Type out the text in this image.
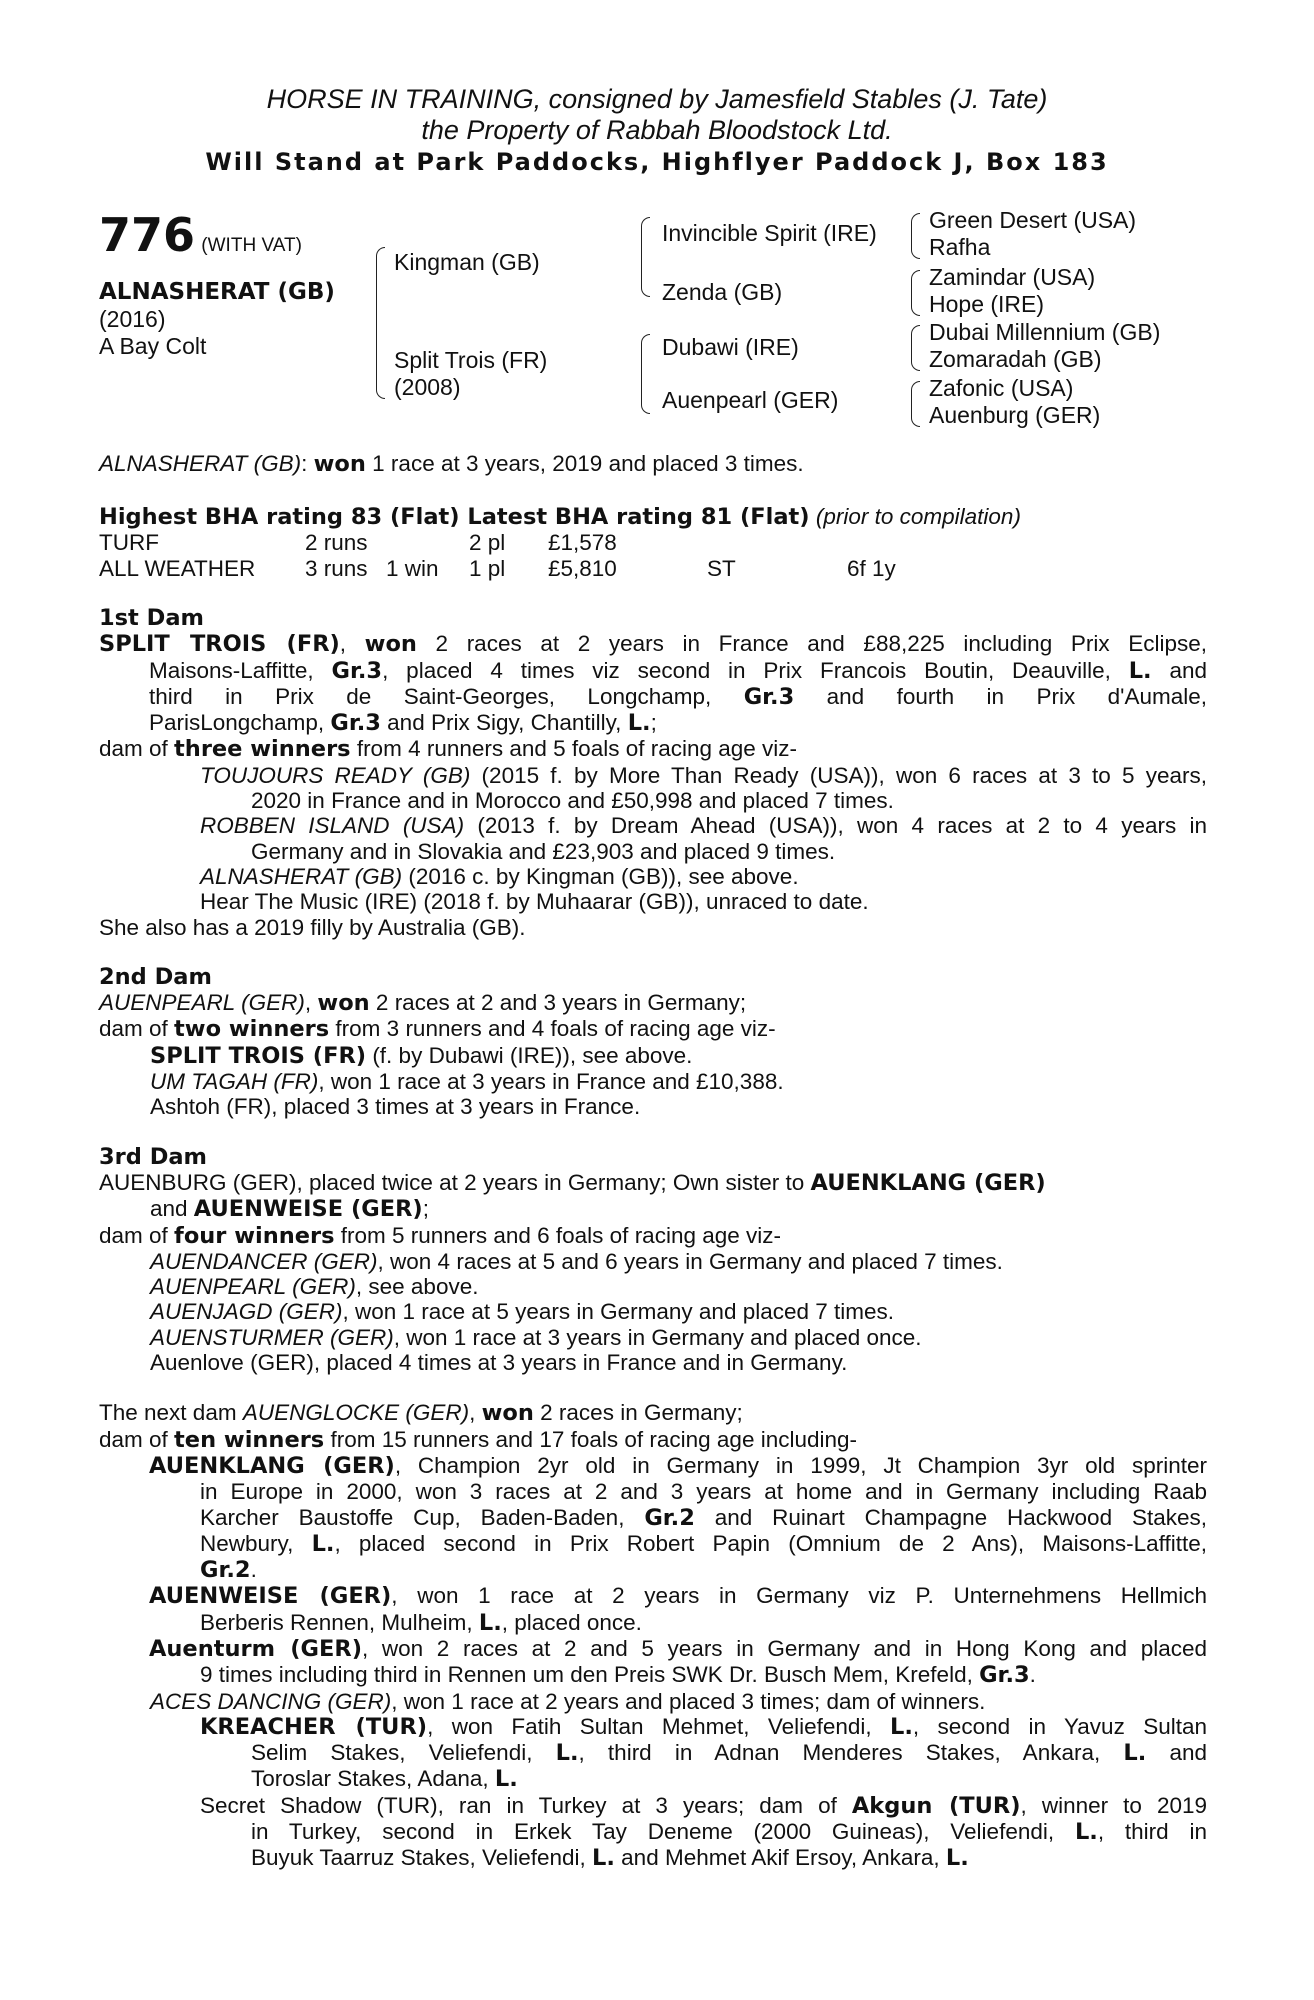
HORSE IN TRAINING, consigned by Jamesfield Stables (J. Tate)
the Property of Rabbah Bloodstock Ltd.
Will Stand at Park Paddocks, Highflyer Paddock J, Box 183
776 (WITH VAT)
ALNASHERAT (GB)
(2016)
A Bay Colt
Kingman (GB)
Split Trois (FR)
(2008)
Invincible Spirit (IRE)
Zenda (GB)
Dubawi (IRE)
Auenpearl (GER)
Green Desert (USA)
Rafha
Zamindar (USA)
Hope (IRE)
Dubai Millennium (GB)
Zomaradah (GB)
Zafonic (USA)
Auenburg (GER)
ALNASHERAT (GB): won 1 race at 3 years, 2019 and placed 3 times.
Highest BHA rating 83 (Flat) Latest BHA rating 81 (Flat) (prior to compilation)
TURF	2 runs	2 pl £1,578
ALL WEATHER 3 runs 1 win 1 pl £5,810	ST	6f 1y

1st Dam

SPLIT TROIS (FR), won 2 races at 2 years in France and £88,225 including Prix Eclipse,

Maisons-Laffitte, Gr.3, placed 4 times viz second in Prix Francois Boutin, Deauville, L. and

third in Prix de Saint-Georges, Longchamp, Gr.3 and fourth in Prix d'Aumale,

ParisLongchamp, Gr.3 and Prix Sigy, Chantilly, L.;

dam of three winners from 4 runners and 5 foals of racing age viz-

TOUJOURS READY (GB) (2015 f. by More Than Ready (USA)), won 6 races at 3 to 5 years,

2020 in France and in Morocco and £50,998 and placed 7 times.

ROBBEN ISLAND (USA) (2013 f. by Dream Ahead (USA)), won 4 races at 2 to 4 years in

Germany and in Slovakia and £23,903 and placed 9 times.

ALNASHERAT (GB) (2016 c. by Kingman (GB)), see above.

Hear The Music (IRE) (2018 f. by Muhaarar (GB)), unraced to date.

She also has a 2019 filly by Australia (GB).

2nd Dam

AUENPEARL (GER), won 2 races at 2 and 3 years in Germany;

dam of two winners from 3 runners and 4 foals of racing age viz-

SPLIT TROIS (FR) (f. by Dubawi (IRE)), see above.

UM TAGAH (FR), won 1 race at 3 years in France and £10,388.

Ashtoh (FR), placed 3 times at 3 years in France.

3rd Dam

AUENBURG (GER), placed twice at 2 years in Germany; Own sister to AUENKLANG (GER)

and AUENWEISE (GER);

dam of four winners from 5 runners and 6 foals of racing age viz-

AUENDANCER (GER), won 4 races at 5 and 6 years in Germany and placed 7 times.

AUENPEARL (GER), see above.

AUENJAGD (GER), won 1 race at 5 years in Germany and placed 7 times.

AUENSTURMER (GER), won 1 race at 3 years in Germany and placed once.

Auenlove (GER), placed 4 times at 3 years in France and in Germany.

The next dam AUENGLOCKE (GER), won 2 races in Germany;

dam of ten winners from 15 runners and 17 foals of racing age including-

AUENKLANG (GER), Champion 2yr old in Germany in 1999, Jt Champion 3yr old sprinter

in Europe in 2000, won 3 races at 2 and 3 years at home and in Germany including Raab

Karcher Baustoffe Cup, Baden-Baden, Gr.2 and Ruinart Champagne Hackwood Stakes,

Newbury, L., placed second in Prix Robert Papin (Omnium de 2 Ans), Maisons-Laffitte,

Gr.2.

AUENWEISE (GER), won 1 race at 2 years in Germany viz P. Unternehmens Hellmich

Berberis Rennen, Mulheim, L., placed once.

Auenturm (GER), won 2 races at 2 and 5 years in Germany and in Hong Kong and placed

9 times including third in Rennen um den Preis SWK Dr. Busch Mem, Krefeld, Gr.3.

ACES DANCING (GER), won 1 race at 2 years and placed 3 times; dam of winners.

KREACHER (TUR), won Fatih Sultan Mehmet, Veliefendi, L., second in Yavuz Sultan

Selim Stakes, Veliefendi, L., third in Adnan Menderes Stakes, Ankara, L. and

Toroslar Stakes, Adana, L.

Secret Shadow (TUR), ran in Turkey at 3 years; dam of Akgun (TUR), winner to 2019

in Turkey, second in Erkek Tay Deneme (2000 Guineas), Veliefendi, L., third in

Buyuk Taarruz Stakes, Veliefendi, L. and Mehmet Akif Ersoy, Ankara, L.
